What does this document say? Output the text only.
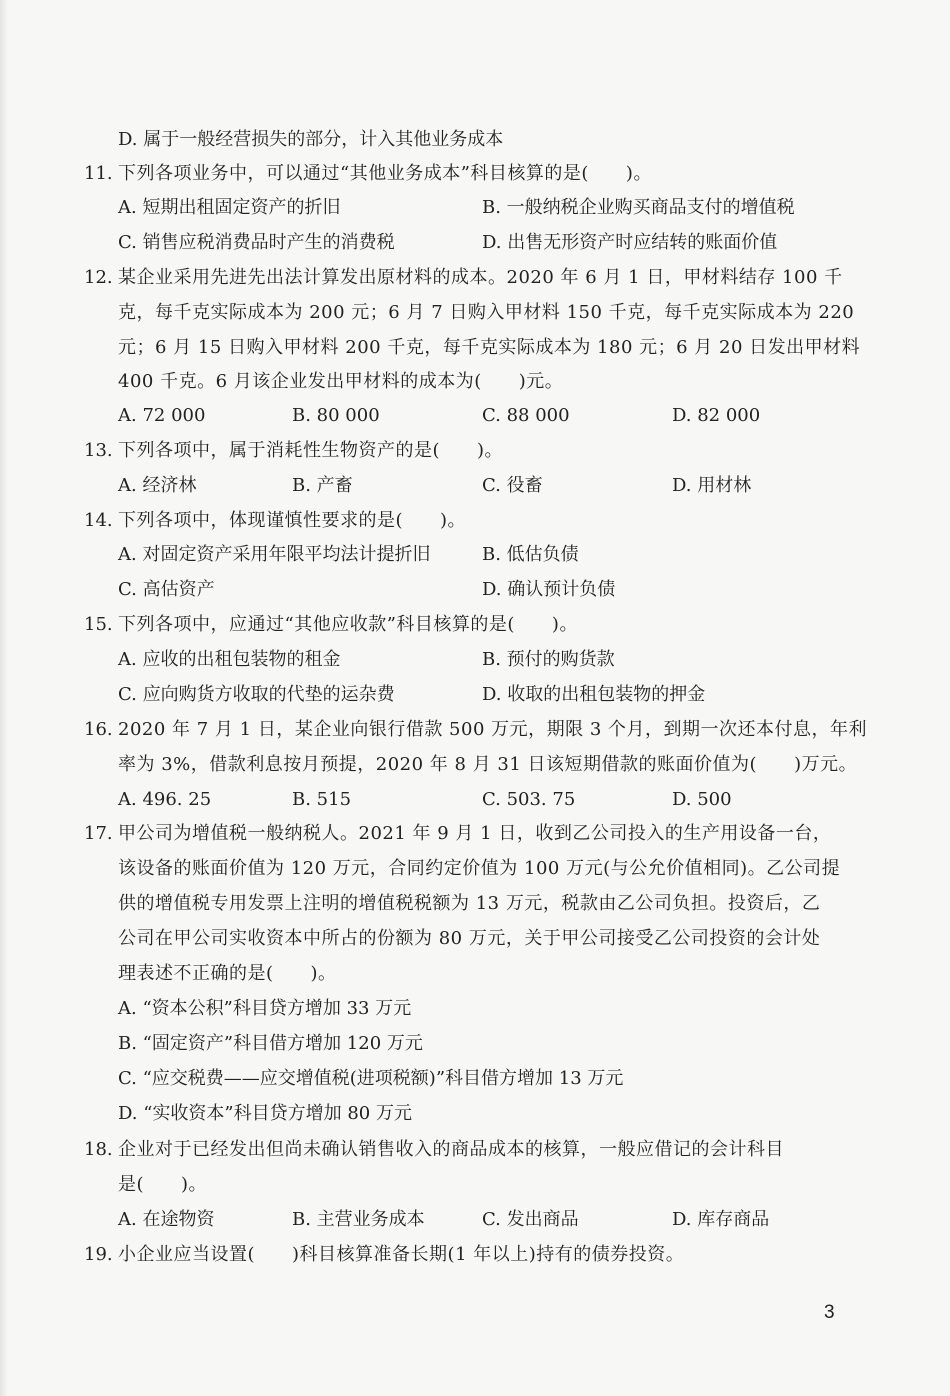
D. 属于一般经营损失的部分，计入其他业务成本
11. 下列各项业务中，可以通过“其他业务成本”科目核算的是(　　)。
A. 短期出租固定资产的折旧	B. 一般纳税企业购买商品支付的增值税
C. 销售应税消费品时产生的消费税	D. 出售无形资产时应结转的账面价值
12. 某企业采用先进先出法计算发出原材料的成本。2020 年 6 月 1 日，甲材料结存 100 千
克，每千克实际成本为 200 元；6 月 7 日购入甲材料 150 千克，每千克实际成本为 220
元；6 月 15 日购入甲材料 200 千克，每千克实际成本为 180 元；6 月 20 日发出甲材料
400 千克。6 月该企业发出甲材料的成本为(　　)元。
A. 72 000	B. 80 000	C. 88 000	D. 82 000
13. 下列各项中，属于消耗性生物资产的是(　　)。
A. 经济林	B. 产畜	C. 役畜	D. 用材林
14. 下列各项中，体现谨慎性要求的是(　　)。
A. 对固定资产采用年限平均法计提折旧	B. 低估负债
C. 高估资产	D. 确认预计负债
15. 下列各项中，应通过“其他应收款”科目核算的是(　　)。
A. 应收的出租包装物的租金	B. 预付的购货款
C. 应向购货方收取的代垫的运杂费	D. 收取的出租包装物的押金
16. 2020 年 7 月 1 日，某企业向银行借款 500 万元，期限 3 个月，到期一次还本付息，年利
率为 3%，借款利息按月预提，2020 年 8 月 31 日该短期借款的账面价值为(　　)万元。
A. 496. 25	B. 515	C. 503. 75	D. 500
17. 甲公司为增值税一般纳税人。2021 年 9 月 1 日，收到乙公司投入的生产用设备一台，
该设备的账面价值为 120 万元，合同约定价值为 100 万元(与公允价值相同)。乙公司提
供的增值税专用发票上注明的增值税税额为 13 万元，税款由乙公司负担。投资后，乙
公司在甲公司实收资本中所占的份额为 80 万元，关于甲公司接受乙公司投资的会计处
理表述不正确的是(　　)。
A. “资本公积”科目贷方增加 33 万元
B. “固定资产”科目借方增加 120 万元
C. “应交税费——应交增值税(进项税额)”科目借方增加 13 万元
D. “实收资本”科目贷方增加 80 万元
18. 企业对于已经发出但尚未确认销售收入的商品成本的核算，一般应借记的会计科目
是(　　)。
A. 在途物资	B. 主营业务成本	C. 发出商品	D. 库存商品
19. 小企业应当设置(　　)科目核算准备长期(1 年以上)持有的债券投资。
3
